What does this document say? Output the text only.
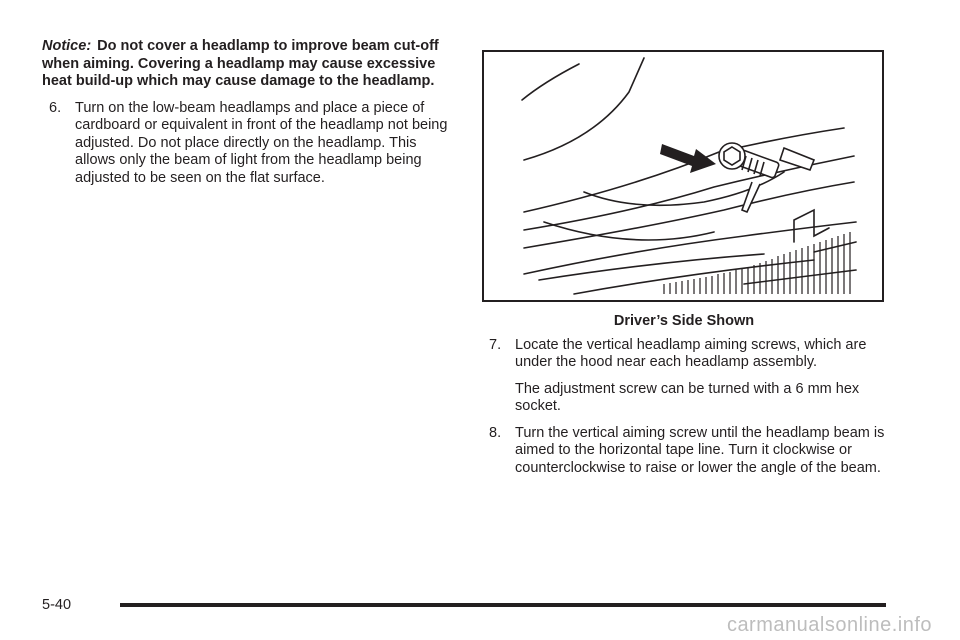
Notice: Do not cover a headlamp to improve beam cut-off when aiming. Covering a headlamp may cause excessive heat build-up which may cause damage to the headlamp.

6. Turn on the low-beam headlamps and place a piece of cardboard or equivalent in front of the headlamp not being adjusted. Do not place directly on the headlamp. This allows only the beam of light from the headlamp being adjusted to be seen on the flat surface.
Driver’s Side Shown
7. Locate the vertical headlamp aiming screws, which are under the hood near each headlamp assembly.
The adjustment screw can be turned with a 6 mm hex socket.
8. Turn the vertical aiming screw until the headlamp beam is aimed to the horizontal tape line. Turn it clockwise or counterclockwise to raise or lower the angle of the beam.
5-40
carmanualsonline.info
